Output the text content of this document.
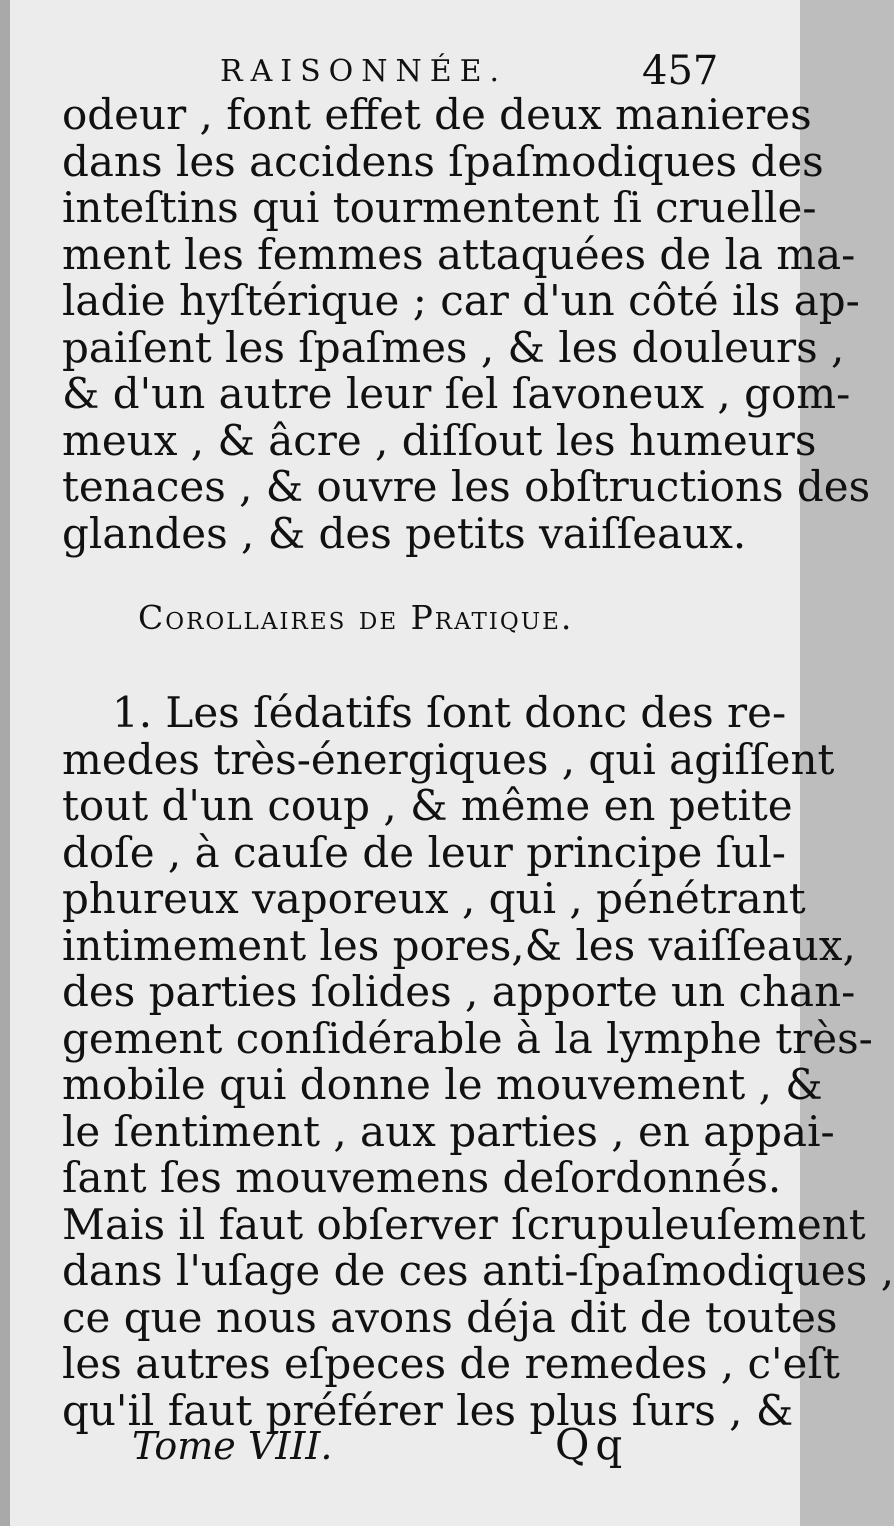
RAISONNÉE.	457
odeur , font effet de deux manieres
dans les accidens ſpaſmodiques des
inteſtins qui tourmentent ſi cruelle-
ment les femmes attaquées de la ma-
ladie hyſtérique ; car d'un côté ils ap-
paiſent les ſpaſmes , & les douleurs ,
& d'un autre leur ſel ſavoneux , gom-
meux , & âcre , diſſout les humeurs
tenaces , & ouvre les obſtructions des
glandes , & des petits vaiſſeaux.
Corollaires de Pratique.
1. Les ſédatifs ſont donc des re-
medes très-énergiques , qui agiſſent
tout d'un coup , & même en petite
doſe , à cauſe de leur principe ſul-
phureux vaporeux , qui , pénétrant
intimement les pores,& les vaiſſeaux,
des parties ſolides , apporte un chan-
gement conſidérable à la lymphe très-
mobile qui donne le mouvement , &
le ſentiment , aux parties , en appai-
ſant ſes mouvemens deſordonnés.
Mais il faut obſerver ſcrupuleuſement
dans l'uſage de ces anti-ſpaſmodiques ,
ce que nous avons déja dit de toutes
les autres eſpeces de remedes , c'eſt
qu'il faut préférer les plus ſurs , &
Tome VIII.	Qq
